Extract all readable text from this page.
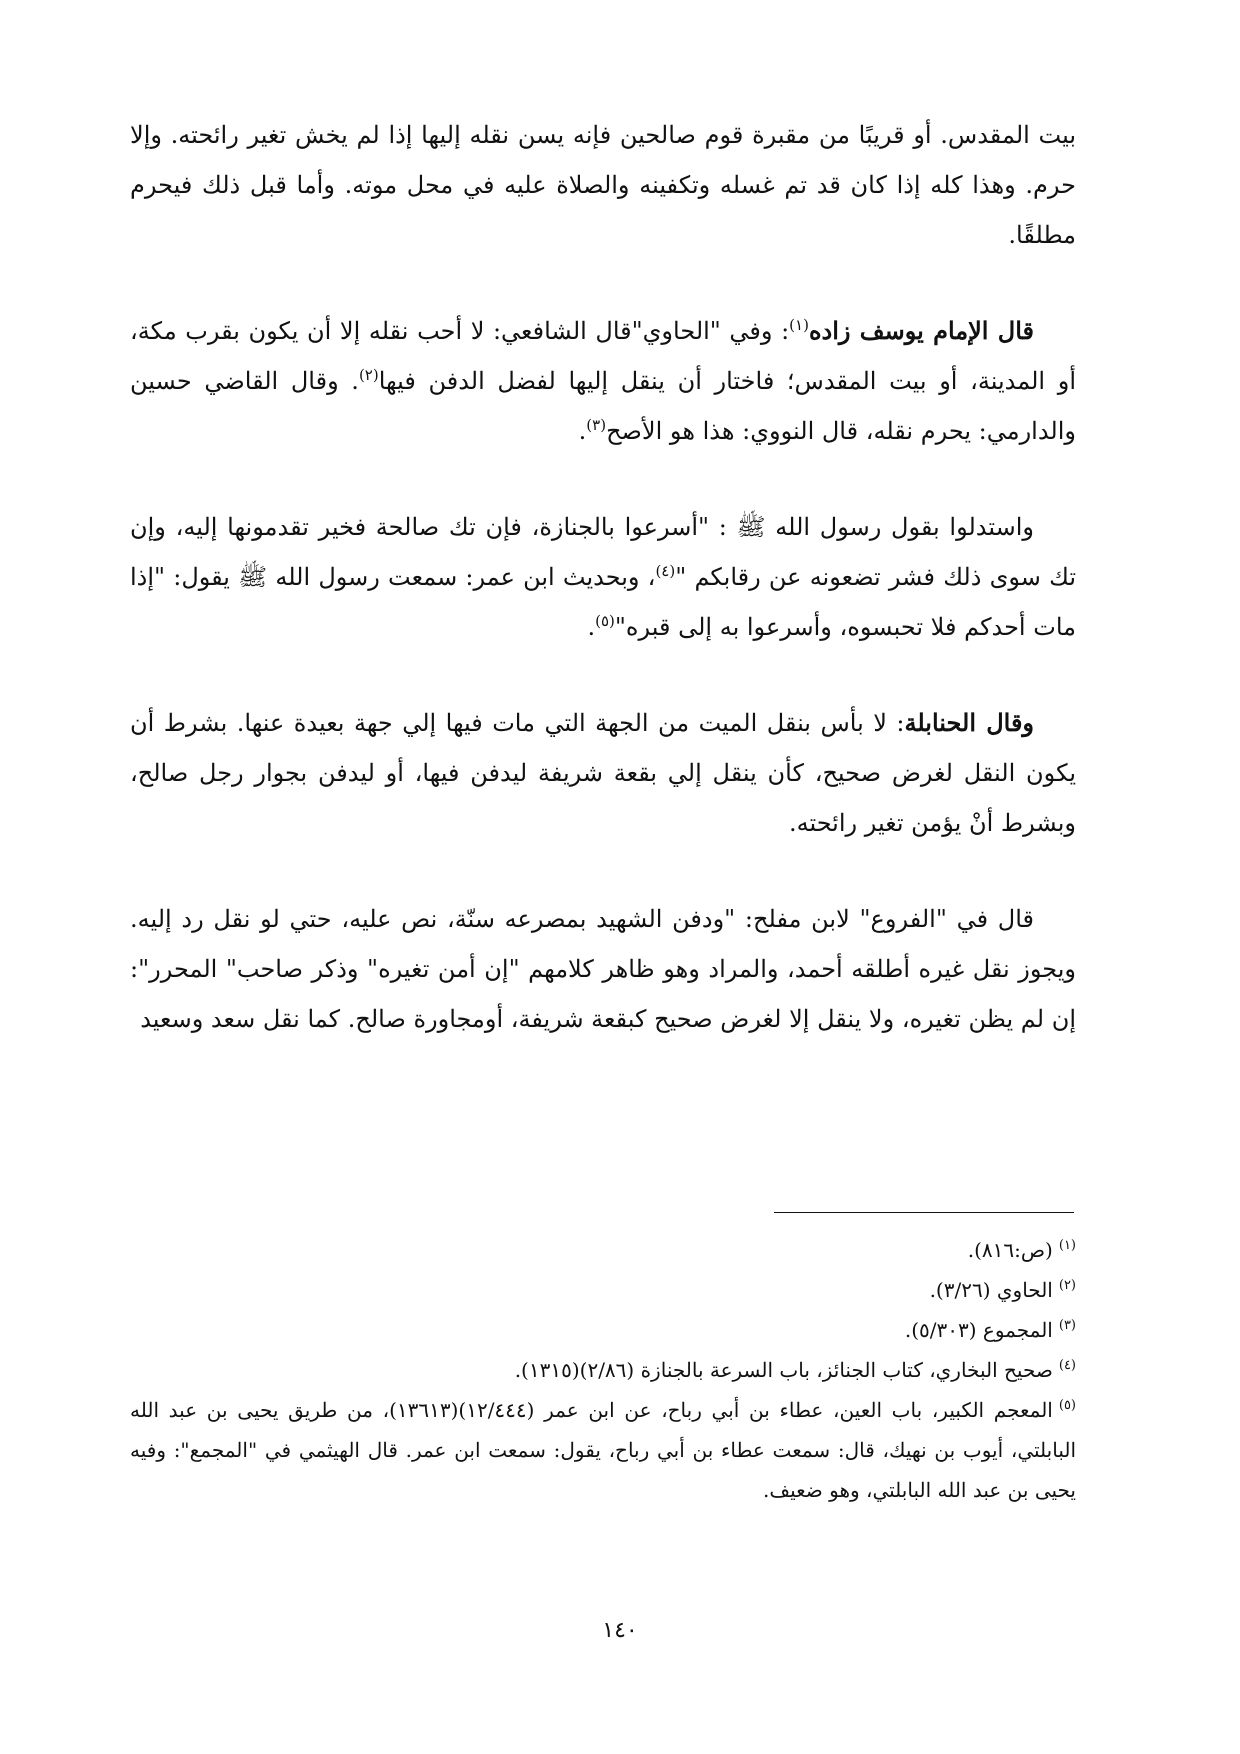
بيت المقدس. أو قريبًا من مقبرة قوم صالحين فإنه يسن نقله إليها إذا لم يخش تغير رائحته. وإلا حرم. وهذا كله إذا كان قد تم غسله وتكفينه والصلاة عليه في محل موته. وأما قبل ذلك فيحرم مطلقًا.

قال الإمام يوسف زاده$^{(١)}$: وفي "الحاوي"قال الشافعي: لا أحب نقله إلا أن يكون بقرب مكة، أو المدينة، أو بيت المقدس؛ فاختار أن ينقل إليها لفضل الدفن فيها$^{(٢)}$. وقال القاضي حسين والدارمي: يحرم نقله، قال النووي: هذا هو الأصح$^{(٣)}$.

واستدلوا بقول رسول الله ﷺ : "أسرعوا بالجنازة، فإن تك صالحة فخير تقدمونها إليه، وإن تك سوى ذلك فشر تضعونه عن رقابكم "$^{(٤)}$، وبحديث ابن عمر: سمعت رسول الله ﷺ يقول: "إذا مات أحدكم فلا تحبسوه، وأسرعوا به إلى قبره"$^{(٥)}$.

وقال الحنابلة: لا بأس بنقل الميت من الجهة التي مات فيها إلي جهة بعيدة عنها. بشرط أن يكون النقل لغرض صحيح، كأن ينقل إلي بقعة شريفة ليدفن فيها، أو ليدفن بجوار رجل صالح، وبشرط أنْ يؤمن تغير رائحته.

قال في "الفروع" لابن مفلح: "ودفن الشهيد بمصرعه سنّة، نص عليه، حتي لو نقل رد إليه. ويجوز نقل غيره أطلقه أحمد، والمراد وهو ظاهر كلامهم "إن أمن تغيره" وذكر صاحب" المحرر": إن لم يظن تغيره، ولا ينقل إلا لغرض صحيح كبقعة شريفة، أومجاورة صالح. كما نقل سعد وسعيد

$^{(١)}$(ص:٨١٦).

$^{(٢)}$الحاوي (٣/٢٦).

$^{(٣)}$المجموع (٥/٣٠٣).

$^{(٤)}$صحيح البخاري، كتاب الجنائز، باب السرعة بالجنازة (٢/٨٦)(١٣١٥).

$^{(٥)}$المعجم الكبير، باب العين، عطاء بن أبي رباح، عن ابن عمر (١٢/٤٤٤)(١٣٦١٣)، من طريق يحيى بن عبد الله البابلتي، أيوب بن نهيك، قال: سمعت عطاء بن أبي رباح، يقول: سمعت ابن عمر. قال الهيثمي في "المجمع": وفيه يحيى بن عبد الله البابلتي، وهو ضعيف.

١٤٠
